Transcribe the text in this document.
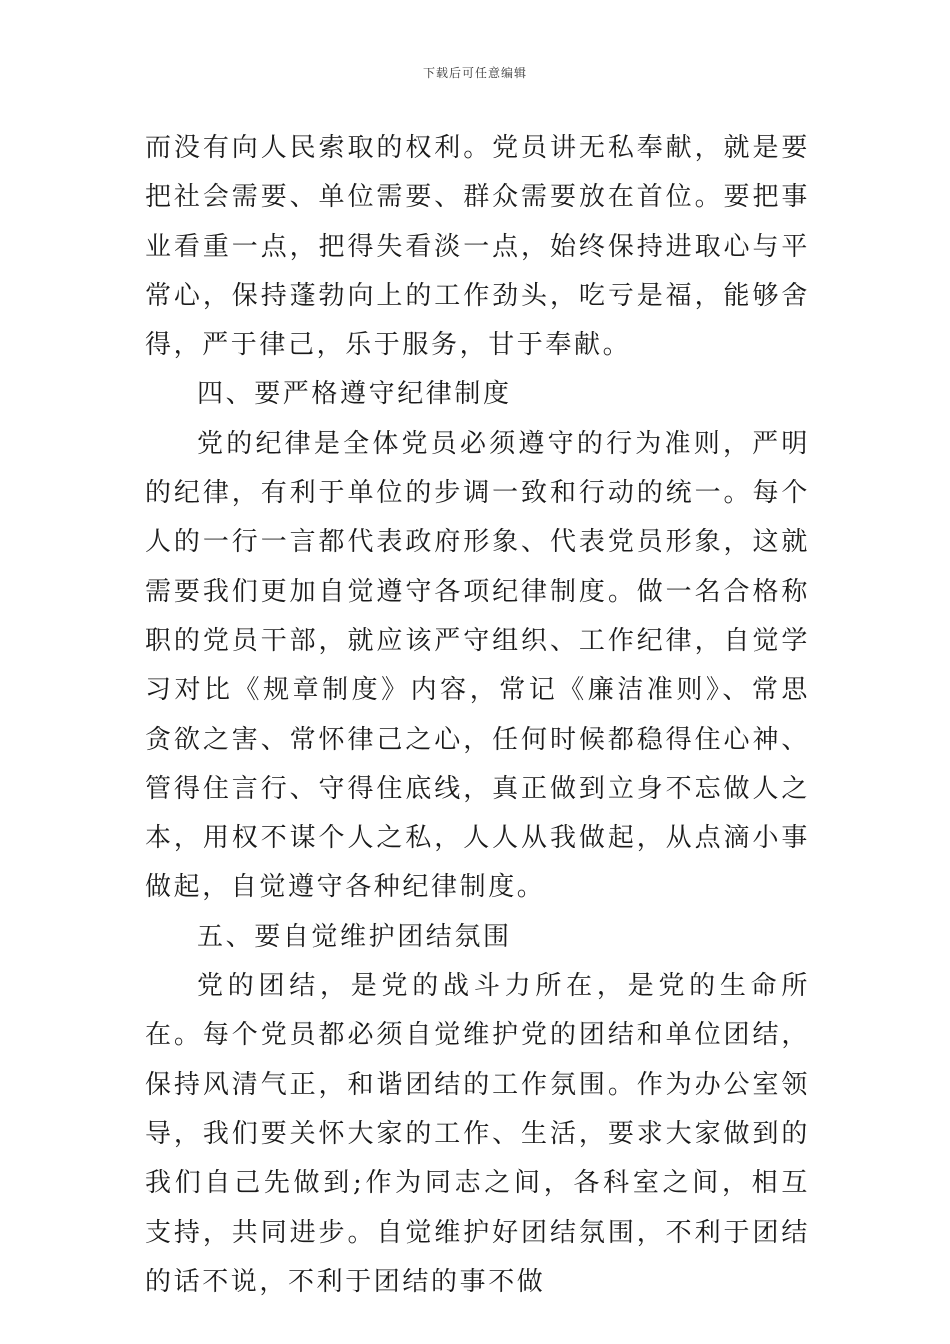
下载后可任意编辑

而没有向人民索取的权利。党员讲无私奉献，就是要把社会需要、单位需要、群众需要放在首位。要把事业看重一点，把得失看淡一点，始终保持进取心与平常心，保持蓬勃向上的工作劲头，吃亏是福，能够舍得，严于律己，乐于服务，甘于奉献。

四、要严格遵守纪律制度

党的纪律是全体党员必须遵守的行为准则，严明的纪律，有利于单位的步调一致和行动的统一。每个人的一行一言都代表政府形象、代表党员形象，这就需要我们更加自觉遵守各项纪律制度。做一名合格称职的党员干部，就应该严守组织、工作纪律，自觉学习对比《规章制度》内容，常记《廉洁准则》、常思贪欲之害、常怀律己之心，任何时候都稳得住心神、管得住言行、守得住底线，真正做到立身不忘做人之本，用权不谋个人之私，人人从我做起，从点滴小事做起，自觉遵守各种纪律制度。

五、要自觉维护团结氛围

党的团结，是党的战斗力所在，是党的生命所在。每个党员都必须自觉维护党的团结和单位团结，保持风清气正，和谐团结的工作氛围。作为办公室领导，我们要关怀大家的工作、生活，要求大家做到的我们自己先做到;作为同志之间，各科室之间，相互支持，共同进步。自觉维护好团结氛围，不利于团结的话不说，不利于团结的事不做
